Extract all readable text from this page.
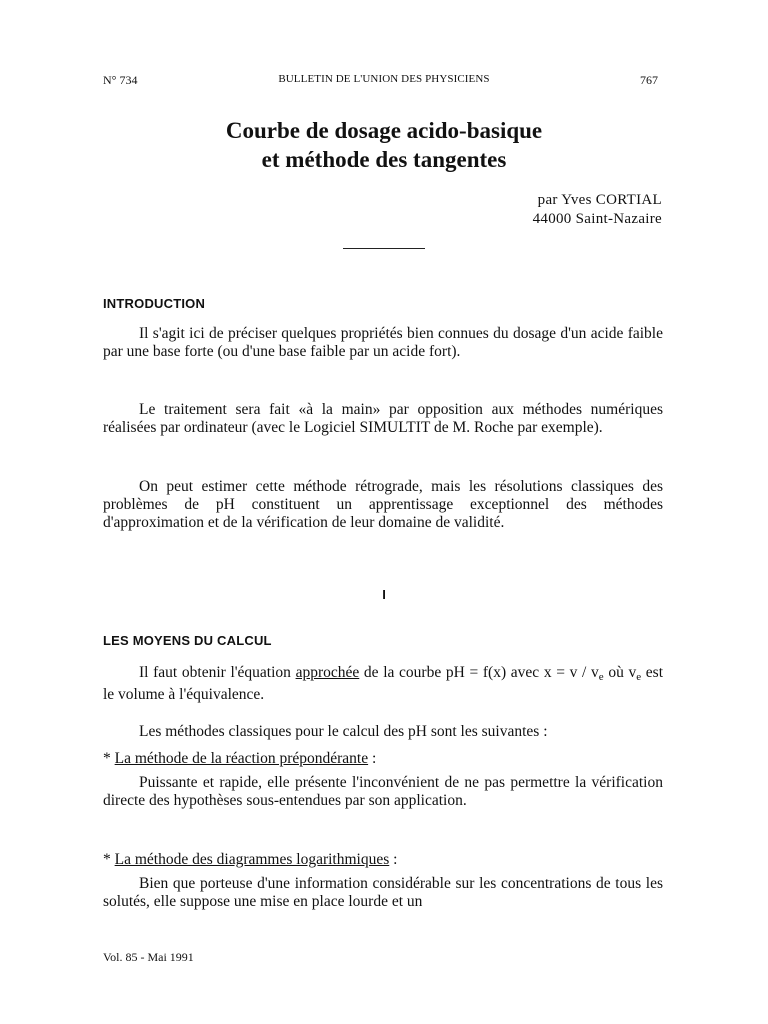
N° 734	BULLETIN DE L'UNION DES PHYSICIENS	767
Courbe de dosage acido-basique
et méthode des tangentes
par Yves CORTIAL
44000 Saint-Nazaire
INTRODUCTION
Il s'agit ici de préciser quelques propriétés bien connues du dosage d'un acide faible par une base forte (ou d'une base faible par un acide fort).
Le traitement sera fait «à la main» par opposition aux méthodes numériques réalisées par ordinateur (avec le Logiciel SIMULTIT de M. Roche par exemple).
On peut estimer cette méthode rétrograde, mais les résolutions classiques des problèmes de pH constituent un apprentissage exceptionnel des méthodes d'approximation et de la vérification de leur domaine de validité.
I
LES MOYENS DU CALCUL
Il faut obtenir l'équation approchée de la courbe pH = f(x) avec $x = v / v_e$ où $v_e$ est le volume à l'équivalence.
Les méthodes classiques pour le calcul des pH sont les suivantes :
* La méthode de la réaction prépondérante :
Puissante et rapide, elle présente l'inconvénient de ne pas permettre la vérification directe des hypothèses sous-entendues par son application.
* La méthode des diagrammes logarithmiques :
Bien que porteuse d'une information considérable sur les concentrations de tous les solutés, elle suppose une mise en place lourde et un
Vol. 85 - Mai 1991
